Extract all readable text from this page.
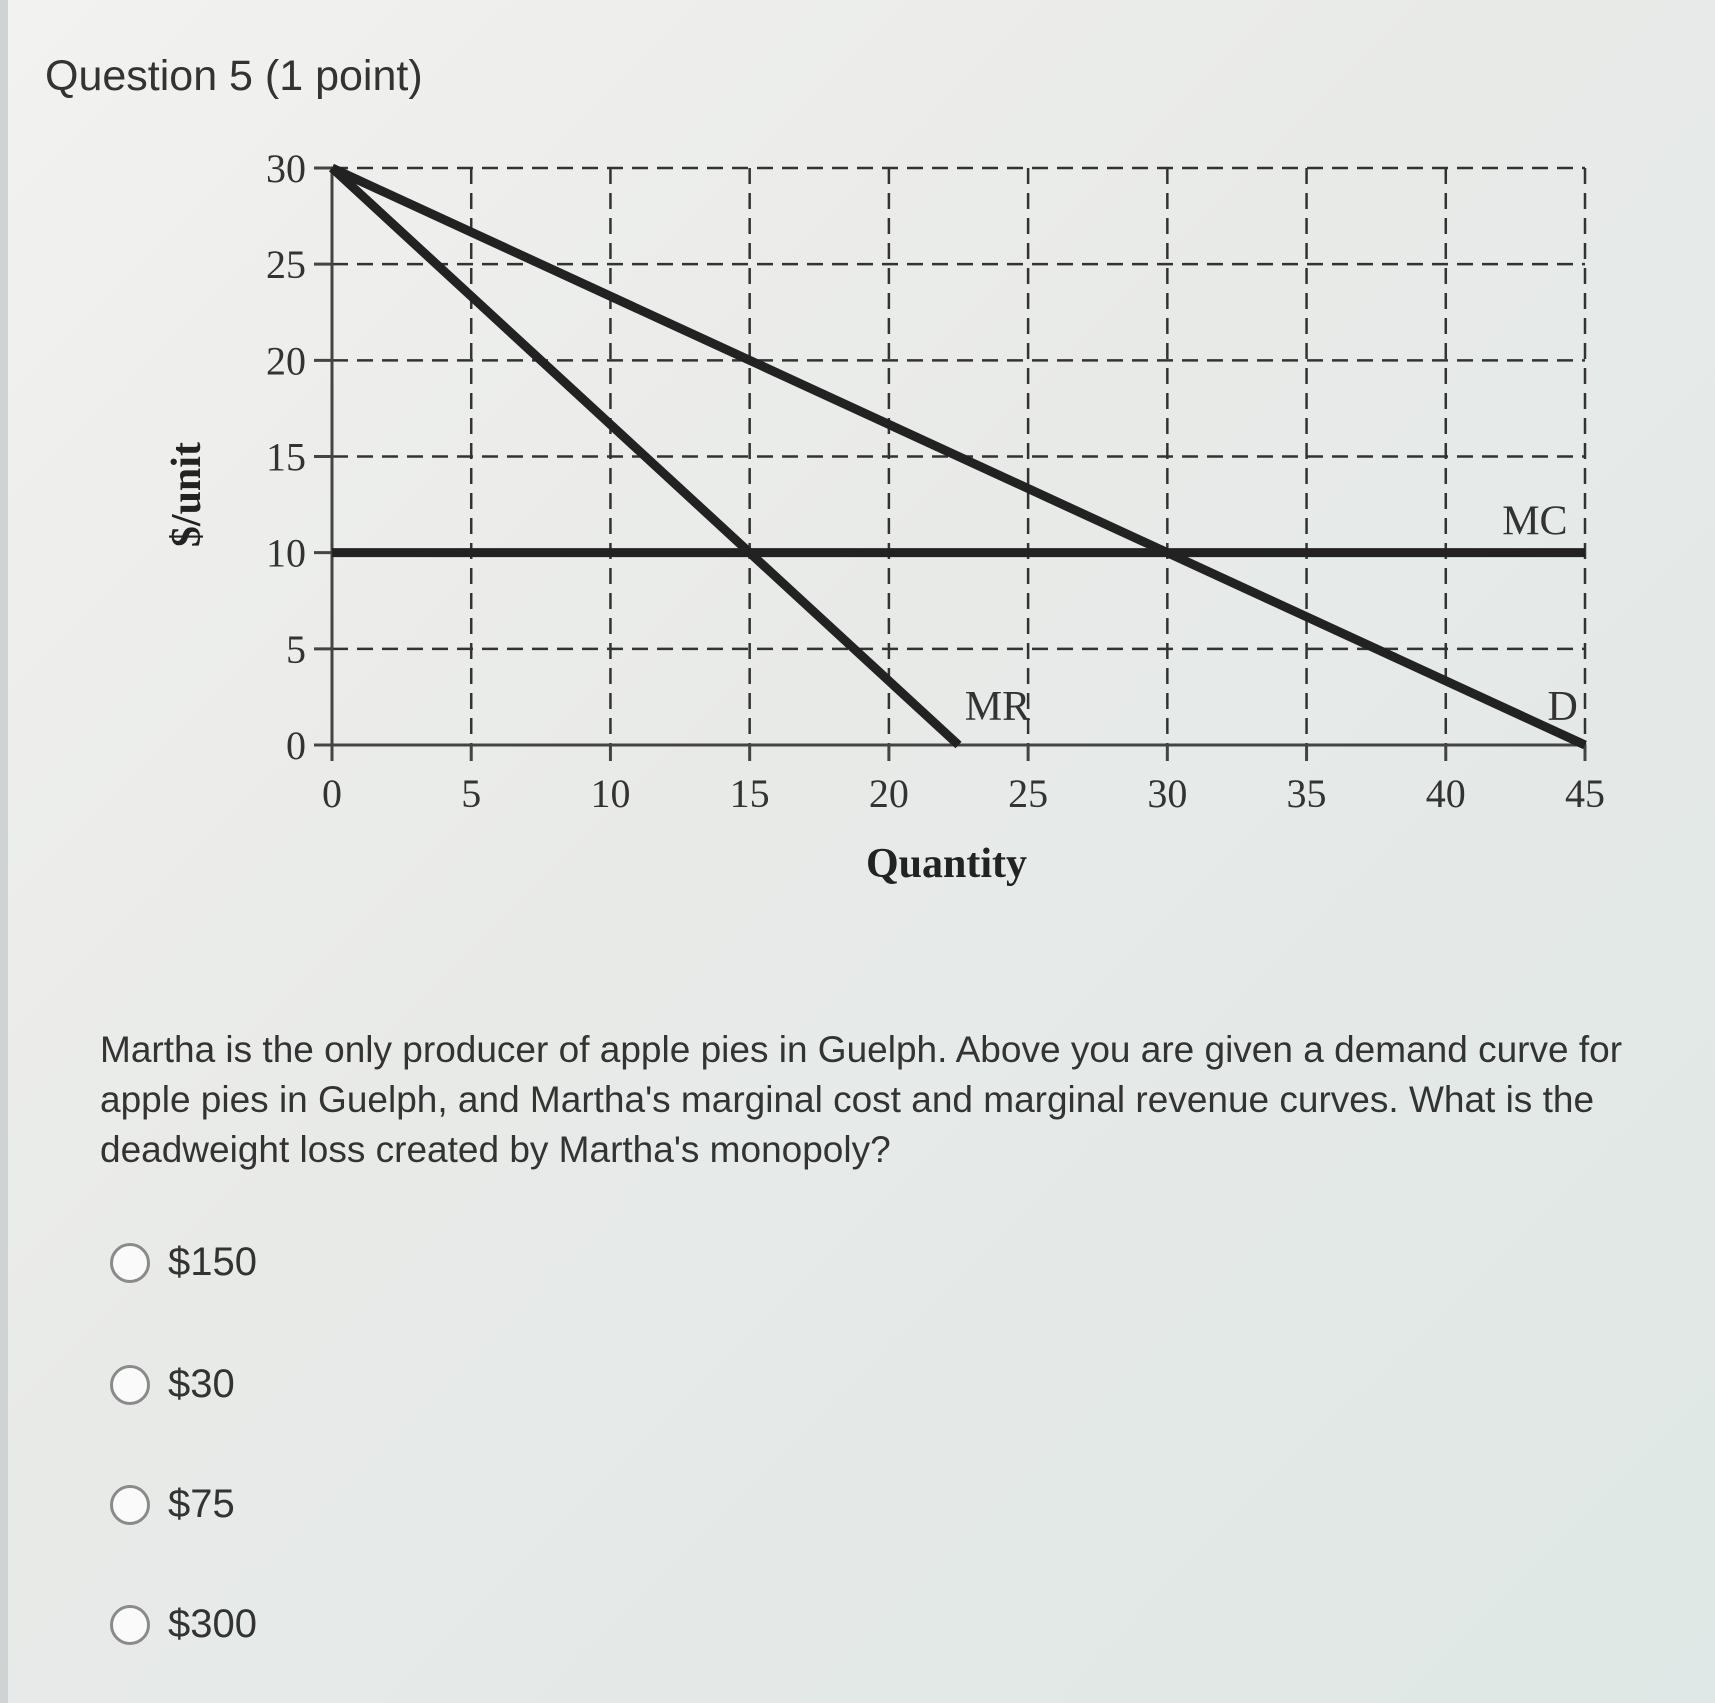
Question 5 (1 point)
0
5
10
15
20
25
30
0	5	10 15 20 25 30 35 40 45
Quantity
$/unit
D
MR
MC

Martha is the only producer of apple pies in Guelph. Above you are given a demand curve for apple pies in Guelph, and Martha's marginal cost and marginal revenue curves. What is the deadweight loss created by Martha's monopoly?

$150
$30
$75
$300
